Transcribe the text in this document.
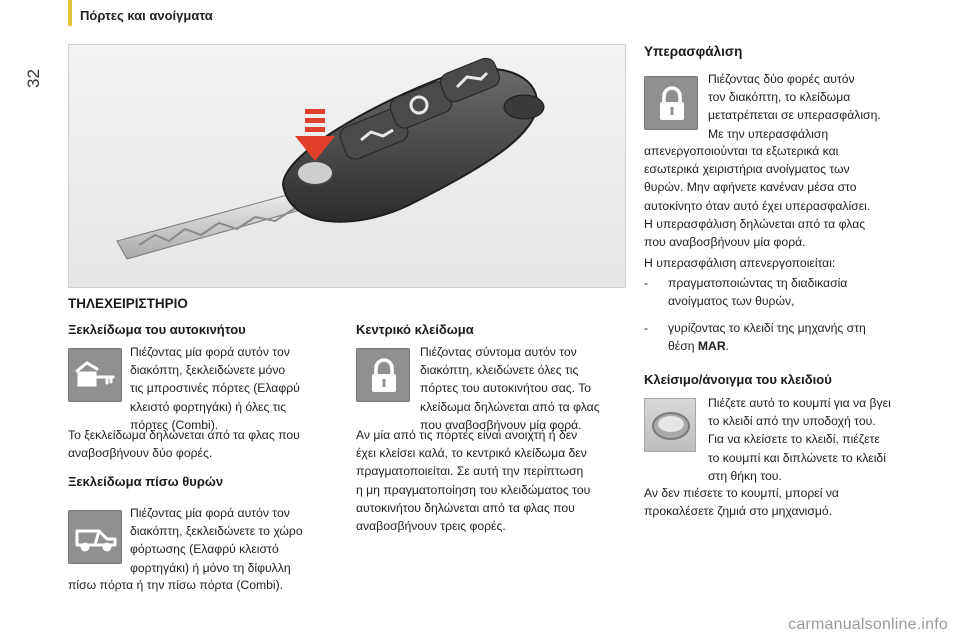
32
Πόρτες και ανοίγματα
ΤΗΛΕΧΕΙΡΙΣΤΗΡΙΟ
Ξεκλείδωμα του αυτοκινήτου
Πιέζοντας μία φορά αυτόν τον
διακόπτη, ξεκλειδώνετε μόνο
τις μπροστινές πόρτες (Ελαφρύ
κλειστό φορτηγάκι) ή όλες τις
πόρτες (Combi).
Το ξεκλείδωμα δηλώνεται από τα φλας που
αναβοσβήνουν δύο φορές.
Ξεκλείδωμα πίσω θυρών
Πιέζοντας μία φορά αυτόν τον
διακόπτη, ξεκλειδώνετε το χώρο
φόρτωσης (Ελαφρύ κλειστό
φορτηγάκι) ή μόνο τη δίφυλλη
πίσω πόρτα ή την πίσω πόρτα (Combi).
Κεντρικό κλείδωμα
Πιέζοντας σύντομα αυτόν τον
διακόπτη, κλειδώνετε όλες τις
πόρτες του αυτοκινήτου σας. Το
κλείδωμα δηλώνεται από τα φλας
που αναβοσβήνουν μία φορά.
Αν μία από τις πόρτες είναι ανοιχτή ή δεν
έχει κλείσει καλά, το κεντρικό κλείδωμα δεν
πραγματοποιείται. Σε αυτή την περίπτωση
η μη πραγματοποίηση του κλειδώματος του
αυτοκινήτου δηλώνεται από τα φλας που
αναβοσβήνουν τρεις φορές.
Υπερασφάλιση
Πιέζοντας δύο φορές αυτόν
τον διακόπτη, το κλείδωμα
μετατρέπεται σε υπερασφάλιση.
Με την υπερασφάλιση
απενεργοποιούνται τα εξωτερικά και
εσωτερικά χειριστήρια ανοίγματος των
θυρών. Μην αφήνετε κανέναν μέσα στο
αυτοκίνητο όταν αυτό έχει υπερασφαλίσει.
Η υπερασφάλιση δηλώνεται από τα φλας
που αναβοσβήνουν μία φορά.
Η υπερασφάλιση απενεργοποιείται:
-	πραγματοποιώντας τη διαδικασία
ανοίγματος των θυρών,
-	γυρίζοντας το κλειδί της μηχανής στη
θέση MAR.
Κλείσιμο/άνοιγμα του κλειδιού
Πιέζετε αυτό το κουμπί για να βγει
το κλειδί από την υποδοχή του.
Για να κλείσετε το κλειδί, πιέζετε
το κουμπί και διπλώνετε το κλειδί
στη θήκη του.
Αν δεν πιέσετε το κουμπί, μπορεί να
προκαλέσετε ζημιά στο μηχανισμό.
carmanualsonline.info
